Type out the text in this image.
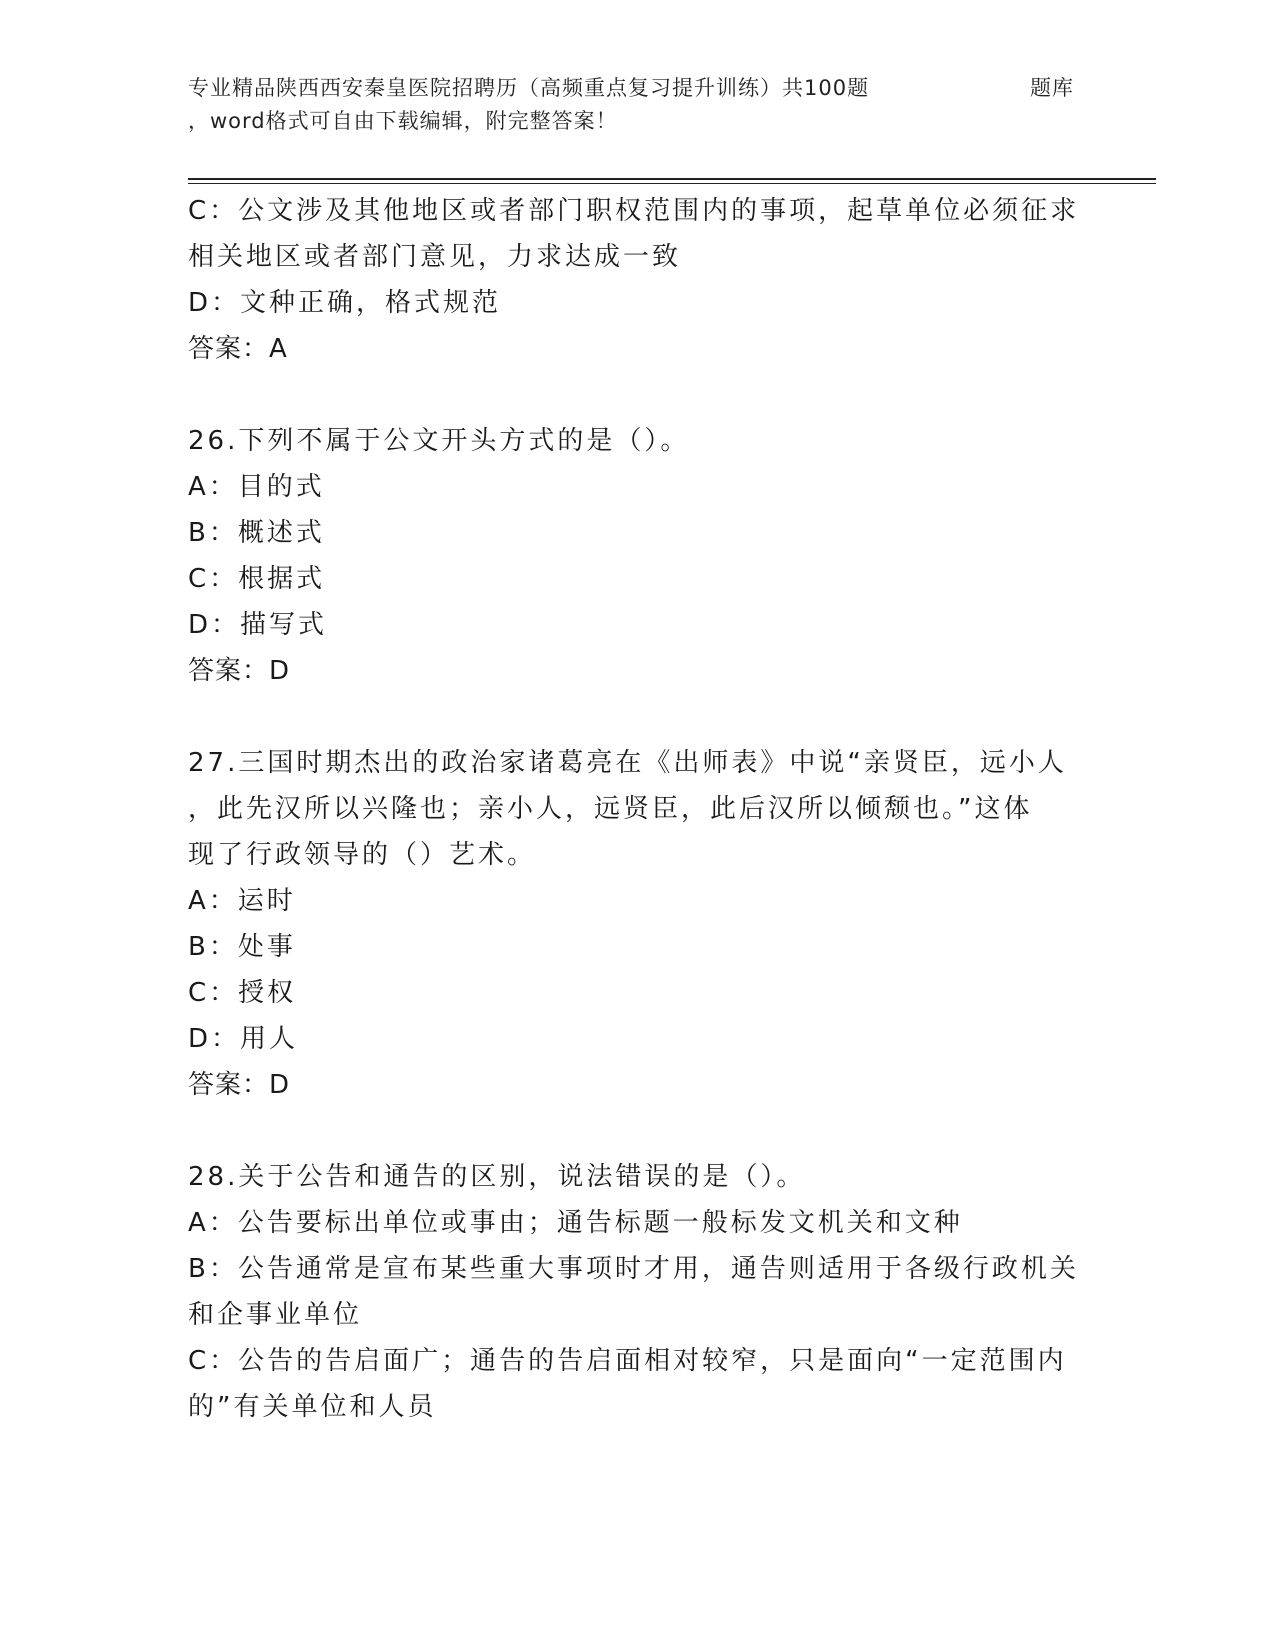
专业精品陕西西安秦皇医院招聘历（高频重点复习提升训练）共100题	题库
，word格式可自由下载编辑，附完整答案！

C：公文涉及其他地区或者部门职权范围内的事项，起草单位必须征求

相关地区或者部门意见，力求达成一致

D：文种正确，格式规范

答案：A

26.下列不属于公文开头方式的是（）。

A：目的式

B：概述式

C：根据式

D：描写式

答案：D

27.三国时期杰出的政治家诸葛亮在《出师表》中说“亲贤臣，远小人

，此先汉所以兴隆也；亲小人，远贤臣，此后汉所以倾颓也。”这体

现了行政领导的（）艺术。

A：运时

B：处事

C：授权

D：用人

答案：D

28.关于公告和通告的区别，说法错误的是（）。

A：公告要标出单位或事由；通告标题一般标发文机关和文种

B：公告通常是宣布某些重大事项时才用，通告则适用于各级行政机关

和企事业单位

C：公告的告启面广；通告的告启面相对较窄，只是面向“一定范围内

的”有关单位和人员
